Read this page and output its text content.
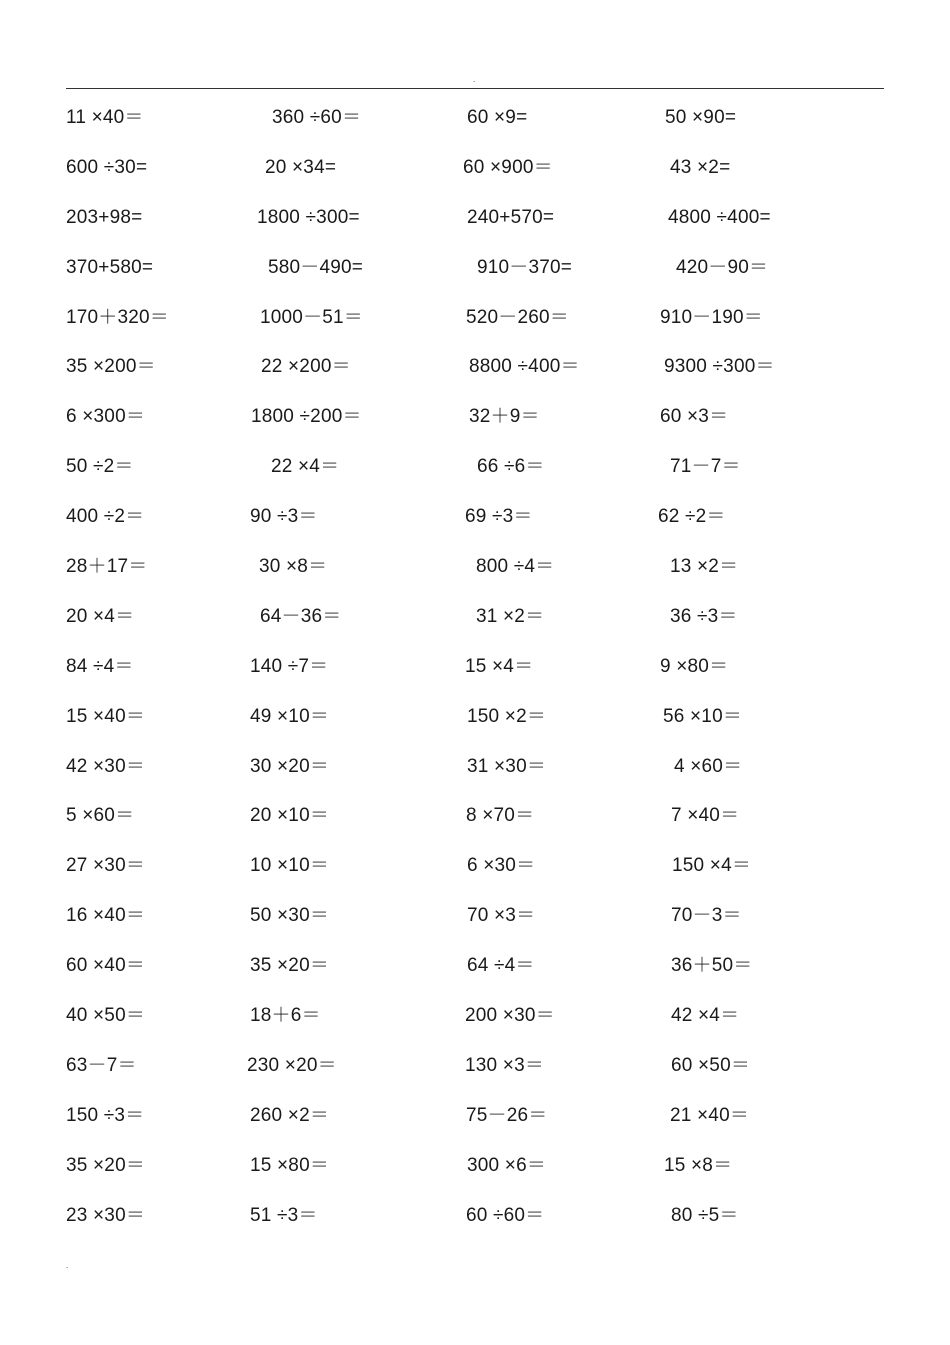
.
11 ×40＝	360 ÷60＝	60 ×9=	50 ×90=
600 ÷30=	20 ×34=	60 ×900＝	43 ×2=
203+98=	1800 ÷300=	240+570=	4800 ÷400=
370+580=	580－490=	910－370=	420－90＝
170＋320＝	1000－51＝	520－260＝	910－190＝
35 ×200＝	22 ×200＝	8800 ÷400＝	9300 ÷300＝
6 ×300＝	1800 ÷200＝	32＋9＝	60 ×3＝
50 ÷2＝	22 ×4＝	66 ÷6＝	71－7＝
400 ÷2＝	90 ÷3＝	69 ÷3＝	62 ÷2＝
28＋17＝	30 ×8＝	800 ÷4＝	13 ×2＝
20 ×4＝	64－36＝	31 ×2＝	36 ÷3＝
84 ÷4＝	140 ÷7＝	15 ×4＝	9 ×80＝
15 ×40＝	49 ×10＝	150 ×2＝	56 ×10＝
42 ×30＝	30 ×20＝	31 ×30＝	4 ×60＝
5 ×60＝	20 ×10＝	8 ×70＝	7 ×40＝
27 ×30＝	10 ×10＝	6 ×30＝	150 ×4＝
16 ×40＝	50 ×30＝	70 ×3＝	70－3＝
60 ×40＝	35 ×20＝	64 ÷4＝	36＋50＝
40 ×50＝	18＋6＝	200 ×30＝	42 ×4＝
63－7＝	230 ×20＝	130 ×3＝	60 ×50＝
150 ÷3＝	260 ×2＝	75－26＝	21 ×40＝
35 ×20＝	15 ×80＝	300 ×6＝	15 ×8＝
23 ×30＝	51 ÷3＝	60 ÷60＝	80 ÷5＝
.
